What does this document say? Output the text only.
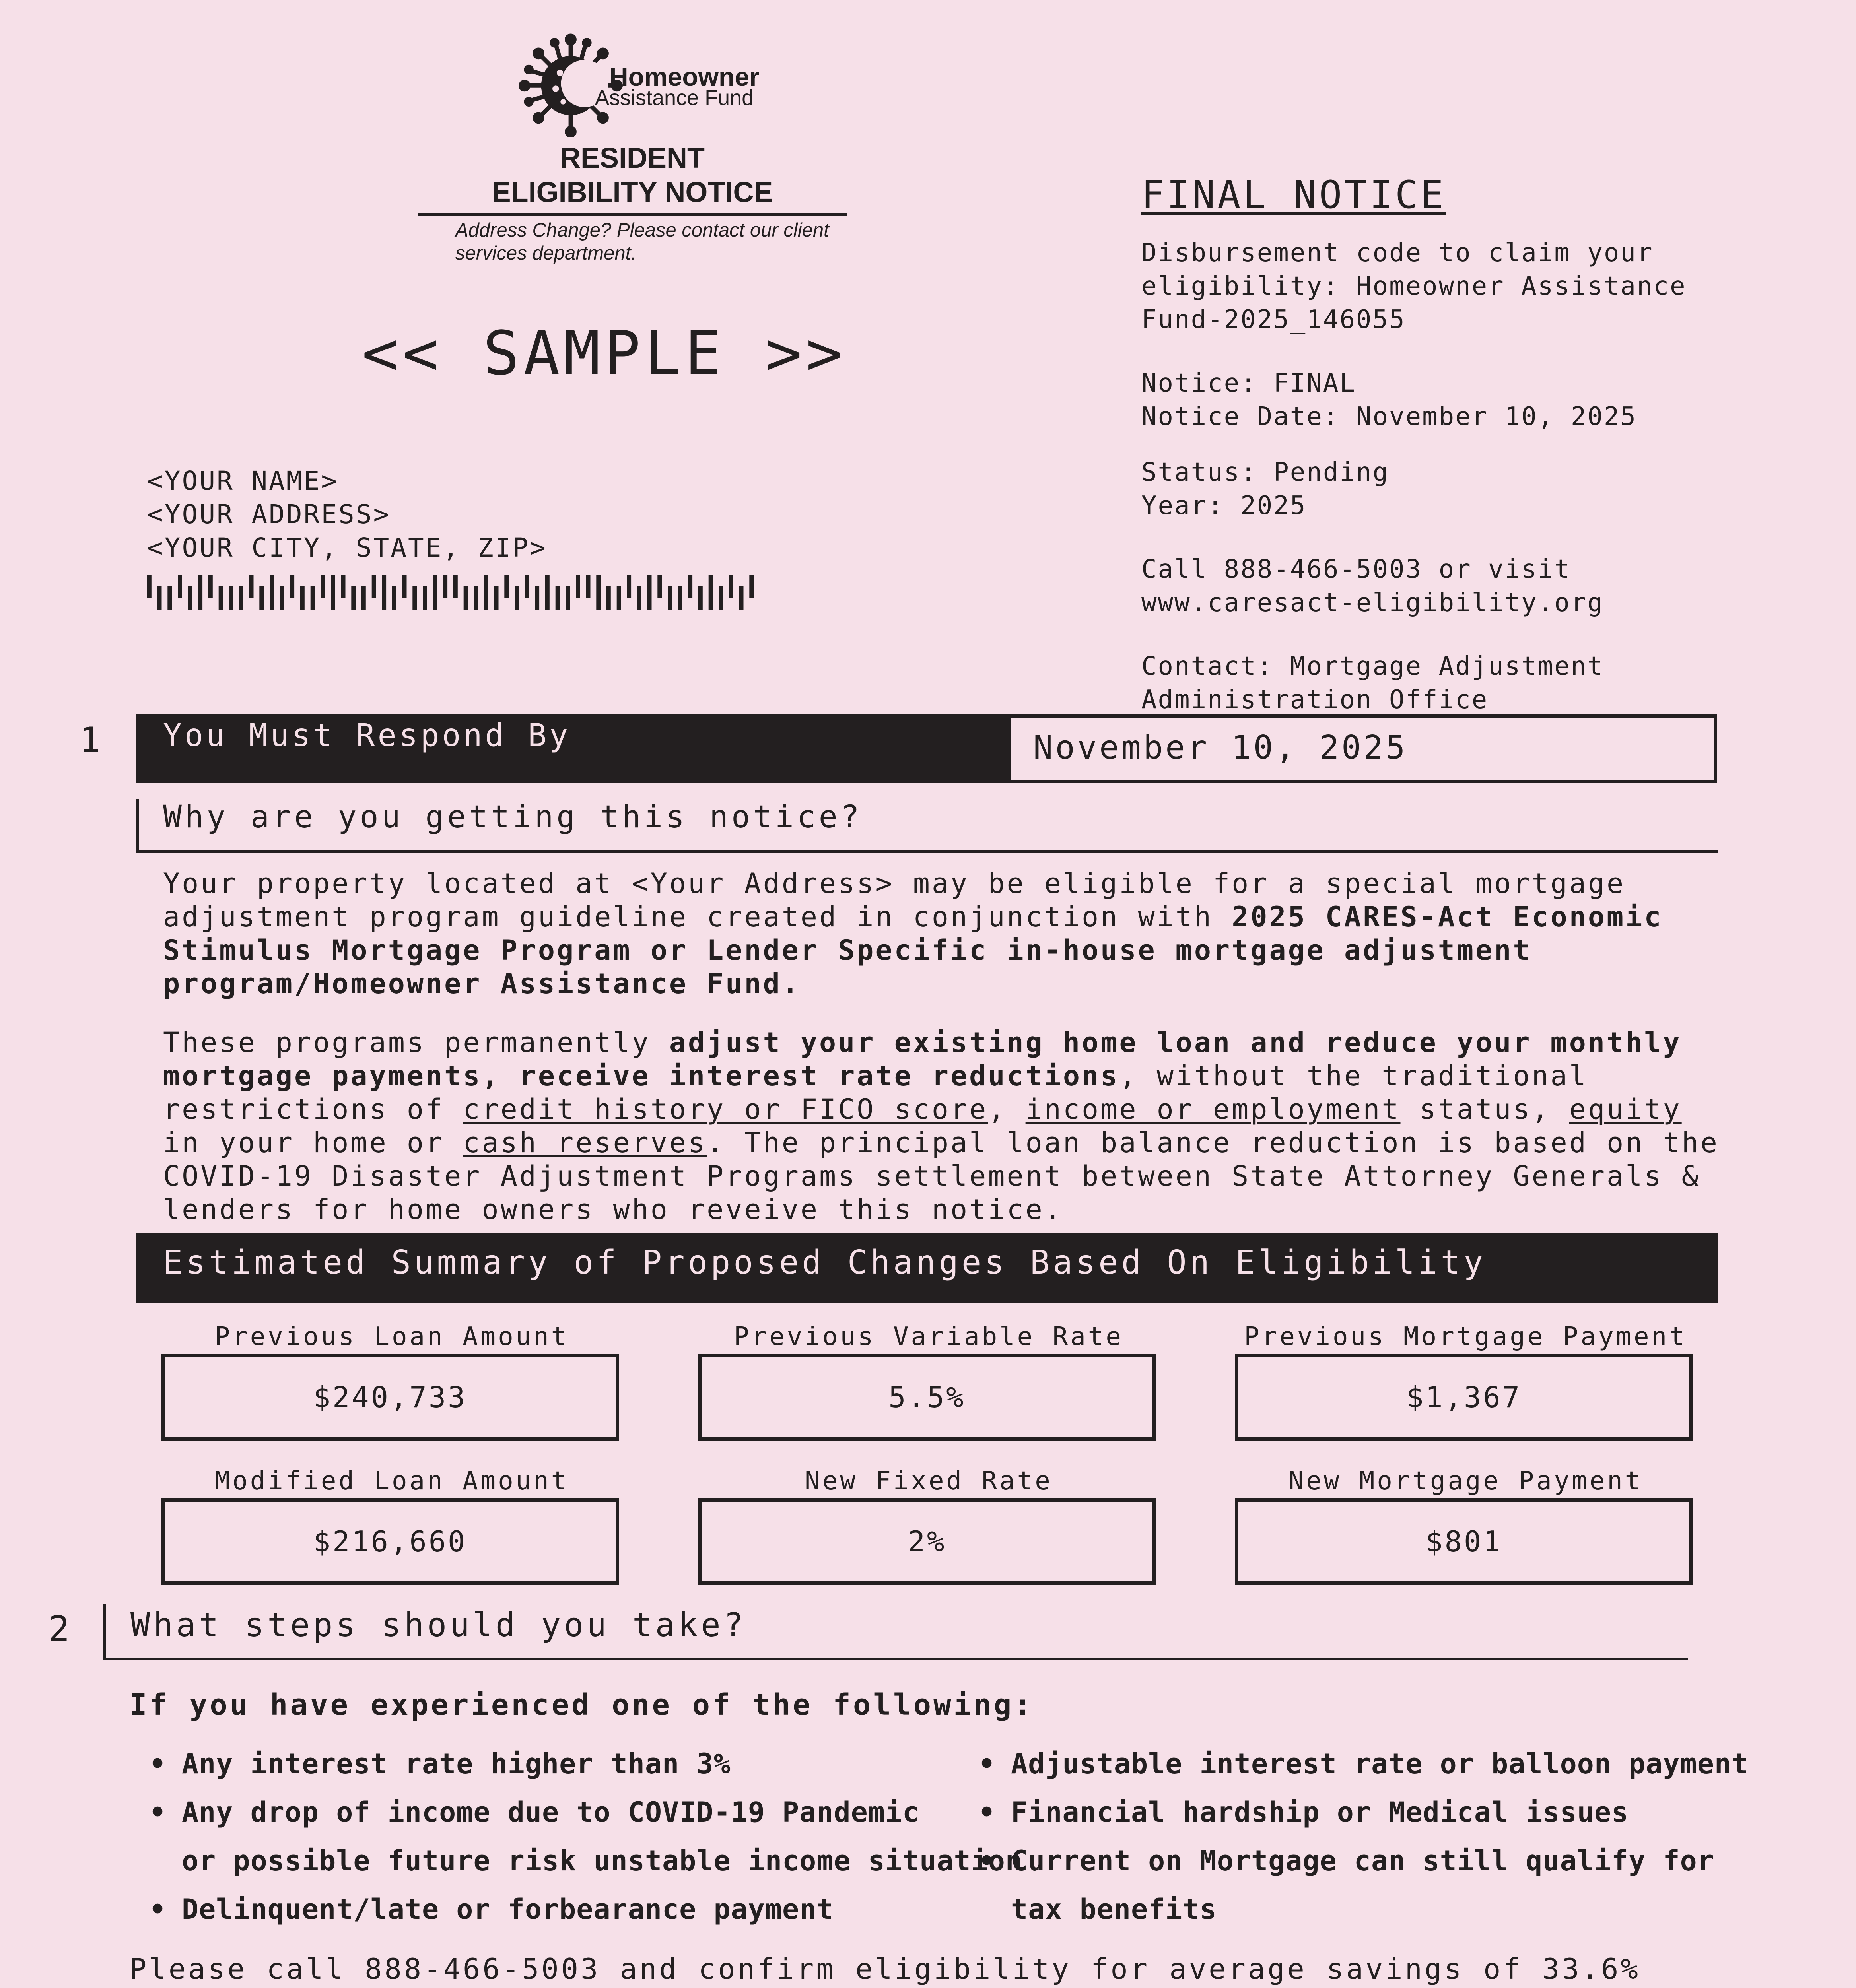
Homeowner
Assistance Fund
RESIDENT
ELIGIBILITY NOTICE
Address Change? Please contact our client services department.
<< SAMPLE >>
<YOUR NAME>
<YOUR ADDRESS>
<YOUR CITY, STATE, ZIP>
FINAL NOTICE
Disbursement code to claim your
eligibility: Homeowner Assistance
Fund-2025_146055
Notice: FINAL
Notice Date: November 10, 2025
Status: Pending
Year: 2025
Call 888-466-5003 or visit
www.caresact-eligibility.org
Contact: Mortgage Adjustment
Administration Office
1 You Must Respond By	November 10, 2025
Why are you getting this notice?
Your property located at <Your Address> may be eligible for a special mortgage adjustment program guideline created in conjunction with 2025 CARES-Act Economic Stimulus Mortgage Program or Lender Specific in-house mortgage adjustment program/Homeowner Assistance Fund.
These programs permanently adjust your existing home loan and reduce your monthly mortgage payments, receive interest rate reductions, without the traditional restrictions of credit history or FICO score, income or employment status, equity in your home or cash reserves. The principal loan balance reduction is based on the COVID-19 Disaster Adjustment Programs settlement between State Attorney Generals & lenders for home owners who reveive this notice.
Estimated Summary of Proposed Changes Based On Eligibility
Previous Loan Amount
$240,733
Previous Variable Rate
5.5%
Previous Mortgage Payment
$1,367
Modified Loan Amount
$216,660
New Fixed Rate
2%
New Mortgage Payment
$801
2 What steps should you take?
If you have experienced one of the following:
• Any interest rate higher than 3%
• Any drop of income due to COVID-19 Pandemic
or possible future risk unstable income situation
• Delinquent/late or forbearance payment
• Adjustable interest rate or balloon payment
• Financial hardship or Medical issues
• Current on Mortgage can still qualify for
tax benefits
Please call 888-466-5003 and confirm eligibility for average savings of 33.6%
